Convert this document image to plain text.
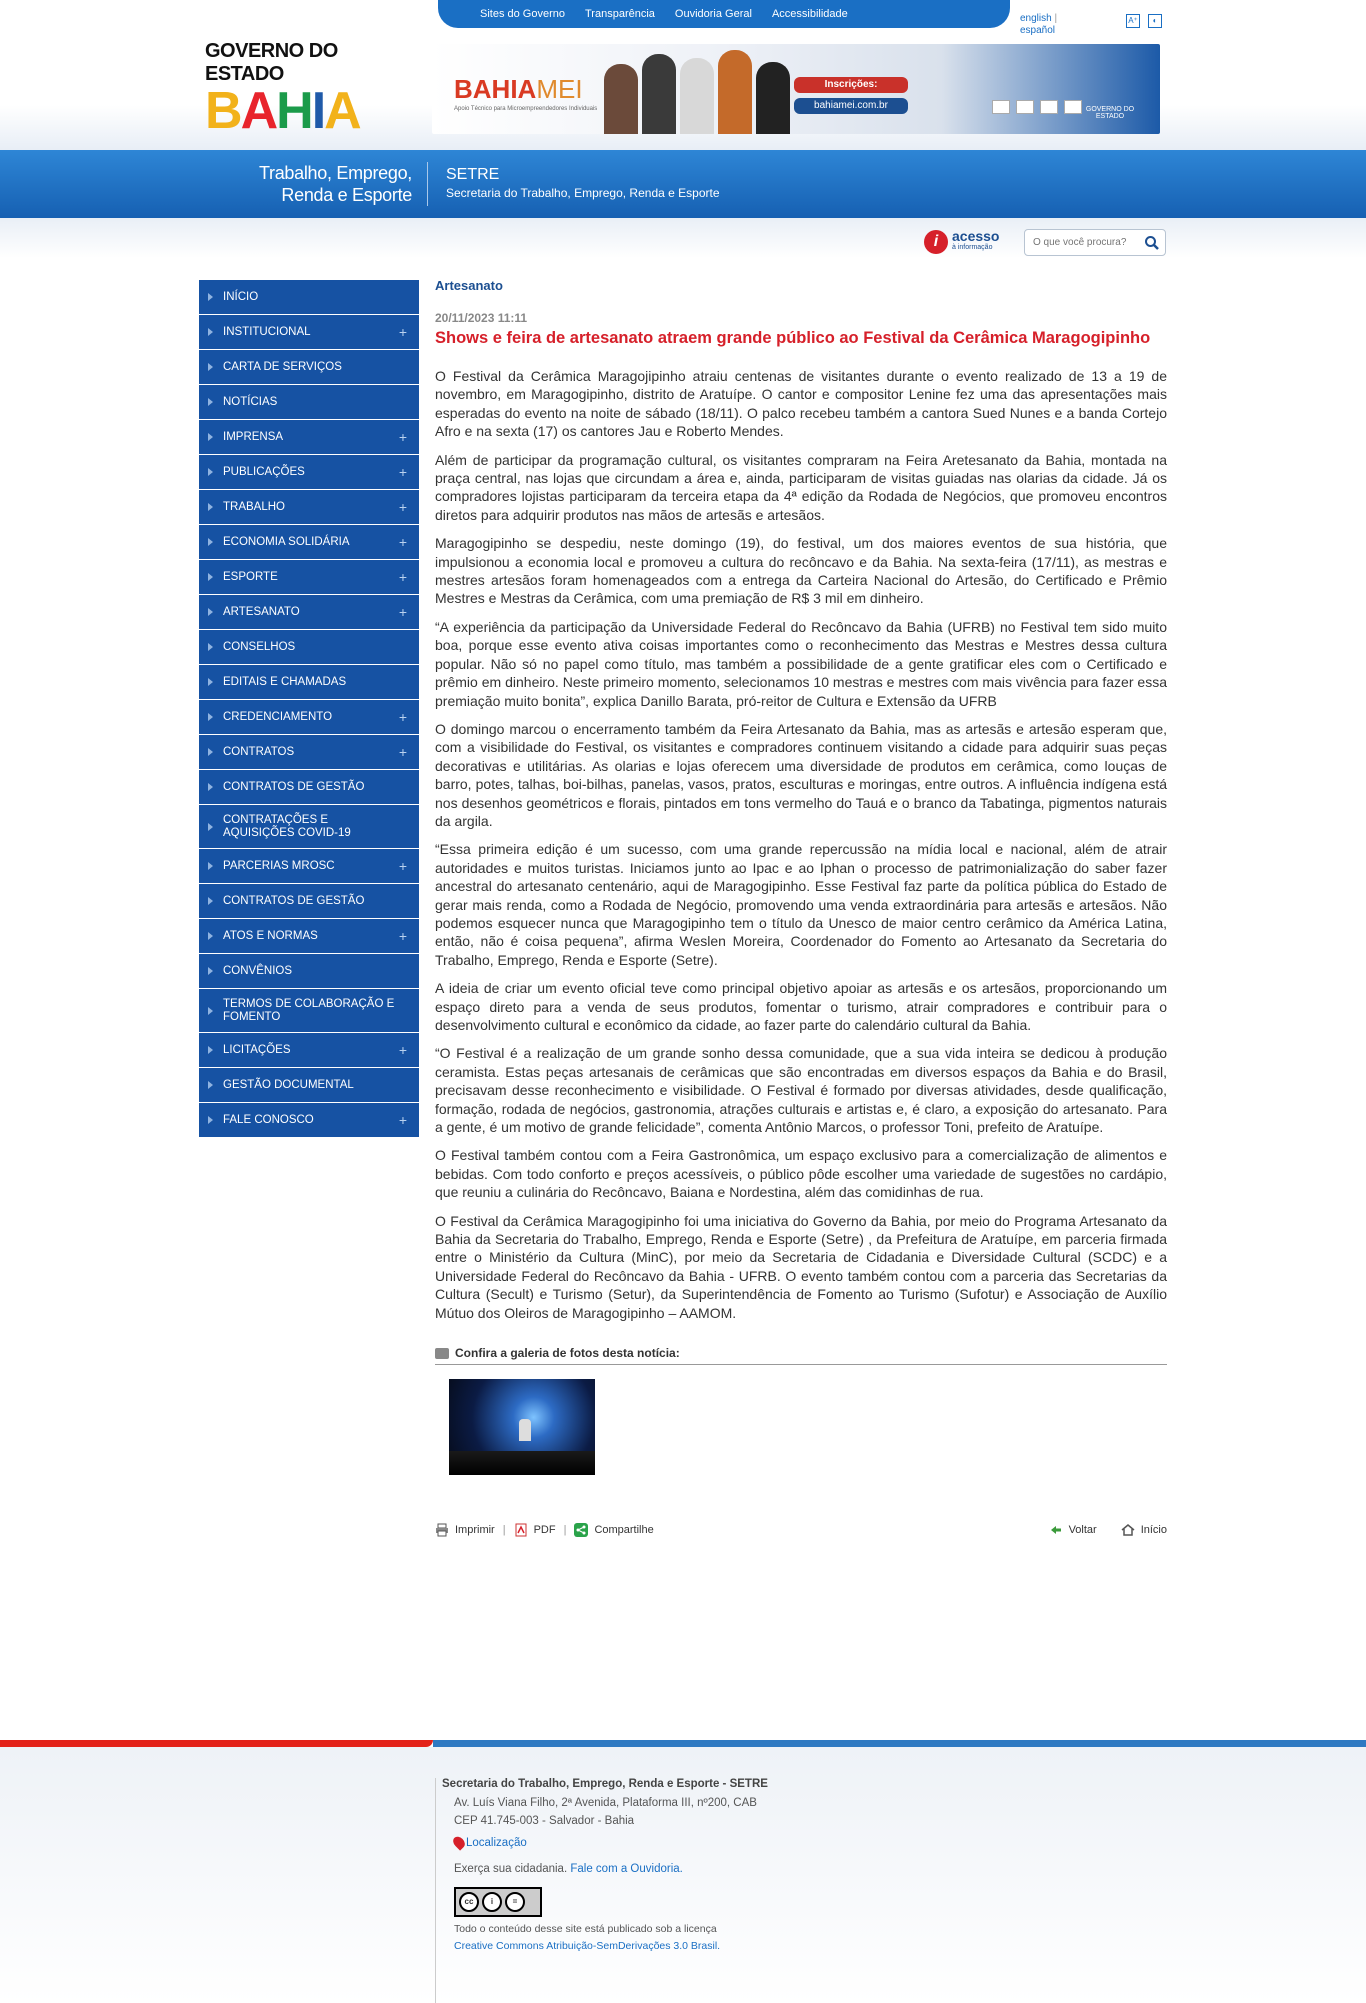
Sites do Governo Transparência Ouvidoria Geral Accessibilidade	english |
español
A⁺	◐
GOVERNO DO ESTADO
B A H I A	BAHIAMEI
Apoio Técnico para Microempreendedores Individuais
Inscrições:
bahiamei.com.br	GOVERNO DO ESTADO
Trabalho, Emprego,
Renda e Esporte
SETRE
Secretaria do Trabalho, Emprego, Renda e Esporte
i acesso
à informação
O que você procura?
INÍCIO
INSTITUCIONAL	+
CARTA DE SERVIÇOS
NOTÍCIAS
IMPRENSA	+
PUBLICAÇÕES	+
TRABALHO	+
ECONOMIA SOLIDÁRIA	+
ESPORTE	+
ARTESANATO	+
CONSELHOS
EDITAIS E CHAMADAS
CREDENCIAMENTO	+
CONTRATOS	+
CONTRATOS DE GESTÃO
CONTRATAÇÕES E AQUISIÇÕES COVID-19
PARCERIAS MROSC	+
CONTRATOS DE GESTÃO
ATOS E NORMAS	+
CONVÊNIOS
TERMOS DE COLABORAÇÃO E FOMENTO
LICITAÇÕES	+
GESTÃO DOCUMENTAL
FALE CONOSCO	+
Artesanato
20/11/2023 11:11
Shows e feira de artesanato atraem grande público ao Festival da Cerâmica Maragogipinho

O Festival da Cerâmica Maragojipinho atraiu centenas de visitantes durante o evento realizado de 13 a 19 de novembro, em Maragogipinho, distrito de Aratuípe. O cantor e compositor Lenine fez uma das apresentações mais esperadas do evento na noite de sábado (18/11). O palco recebeu também a cantora Sued Nunes e a banda Cortejo Afro e na sexta (17) os cantores Jau e Roberto Mendes.

Além de participar da programação cultural, os visitantes compraram na Feira Aretesanato da Bahia, montada na praça central, nas lojas que circundam a área e, ainda, participaram de visitas guiadas nas olarias da cidade. Já os compradores lojistas participaram da terceira etapa da 4ª edição da Rodada de Negócios, que promoveu encontros diretos para adquirir produtos nas mãos de artesãs e artesãos.

Maragogipinho se despediu, neste domingo (19), do festival, um dos maiores eventos de sua história, que impulsionou a economia local e promoveu a cultura do recôncavo e da Bahia. Na sexta-feira (17/11), as mestras e mestres artesãos foram homenageados com a entrega da Carteira Nacional do Artesão, do Certificado e Prêmio Mestres e Mestras da Cerâmica, com uma premiação de R$ 3 mil em dinheiro.

“A experiência da participação da Universidade Federal do Recôncavo da Bahia (UFRB) no Festival tem sido muito boa, porque esse evento ativa coisas importantes como o reconhecimento das Mestras e Mestres dessa cultura popular. Não só no papel como título, mas também a possibilidade de a gente gratificar eles com o Certificado e prêmio em dinheiro. Neste primeiro momento, selecionamos 10 mestras e mestres com mais vivência para fazer essa premiação muito bonita”, explica Danillo Barata, pró-reitor de Cultura e Extensão da UFRB

O domingo marcou o encerramento também da Feira Artesanato da Bahia, mas as artesãs e artesão esperam que, com a visibilidade do Festival, os visitantes e compradores continuem visitando a cidade para adquirir suas peças decorativas e utilitárias. As olarias e lojas oferecem uma diversidade de produtos em cerâmica, como louças de barro, potes, talhas, boi-bilhas, panelas, vasos, pratos, esculturas e moringas, entre outros. A influência indígena está nos desenhos geométricos e florais, pintados em tons vermelho do Tauá e o branco da Tabatinga, pigmentos naturais da argila.

“Essa primeira edição é um sucesso, com uma grande repercussão na mídia local e nacional, além de atrair autoridades e muitos turistas. Iniciamos junto ao Ipac e ao Iphan o processo de patrimonialização do saber fazer ancestral do artesanato centenário, aqui de Maragogipinho. Esse Festival faz parte da política pública do Estado de gerar mais renda, como a Rodada de Negócio, promovendo uma venda extraordinária para artesãs e artesãos. Não podemos esquecer nunca que Maragogipinho tem o título da Unesco de maior centro cerâmico da América Latina, então, não é coisa pequena”, afirma Weslen Moreira, Coordenador do Fomento ao Artesanato da Secretaria do Trabalho, Emprego, Renda e Esporte (Setre).

A ideia de criar um evento oficial teve como principal objetivo apoiar as artesãs e os artesãos, proporcionando um espaço direto para a venda de seus produtos, fomentar o turismo, atrair compradores e contribuir para o desenvolvimento cultural e econômico da cidade, ao fazer parte do calendário cultural da Bahia.

“O Festival é a realização de um grande sonho dessa comunidade, que a sua vida inteira se dedicou à produção ceramista. Estas peças artesanais de cerâmicas que são encontradas em diversos espaços da Bahia e do Brasil, precisavam desse reconhecimento e visibilidade. O Festival é formado por diversas atividades, desde qualificação, formação, rodada de negócios, gastronomia, atrações culturais e artistas e, é claro, a exposição do artesanato. Para a gente, é um motivo de grande felicidade”, comenta Antônio Marcos, o professor Toni, prefeito de Aratuípe.

O Festival também contou com a Feira Gastronômica, um espaço exclusivo para a comercialização de alimentos e bebidas. Com todo conforto e preços acessíveis, o público pôde escolher uma variedade de sugestões no cardápio, que reuniu a culinária do Recôncavo, Baiana e Nordestina, além das comidinhas de rua.

O Festival da Cerâmica Maragogipinho foi uma iniciativa do Governo da Bahia, por meio do Programa Artesanato da Bahia da Secretaria do Trabalho, Emprego, Renda e Esporte (Setre) , da Prefeitura de Aratuípe, em parceria firmada entre o Ministério da Cultura (MinC), por meio da Secretaria de Cidadania e Diversidade Cultural (SCDC) e a Universidade Federal do Recôncavo da Bahia - UFRB. O evento também contou com a parceria das Secretarias da Cultura (Secult) e Turismo (Setur), da Superintendência de Fomento ao Turismo (Sufotur) e Associação de Auxílio Mútuo dos Oleiros de Maragogipinho – AAMOM.

Confira a galeria de fotos desta notícia:
Imprimir |	PDF |	Compartilhe	Voltar	Início
Secretaria do Trabalho, Emprego, Renda e Esporte - SETRE
Av. Luís Viana Filho, 2ª Avenida, Plataforma III, nº200, CAB
CEP 41.745-003 - Salvador - Bahia
Localização
Exerça sua cidadania. Fale com a Ouvidoria.
cc	i	=
Todo o conteúdo desse site está publicado sob a licença
Creative Commons Atribuição-SemDerivações 3.0 Brasil.
